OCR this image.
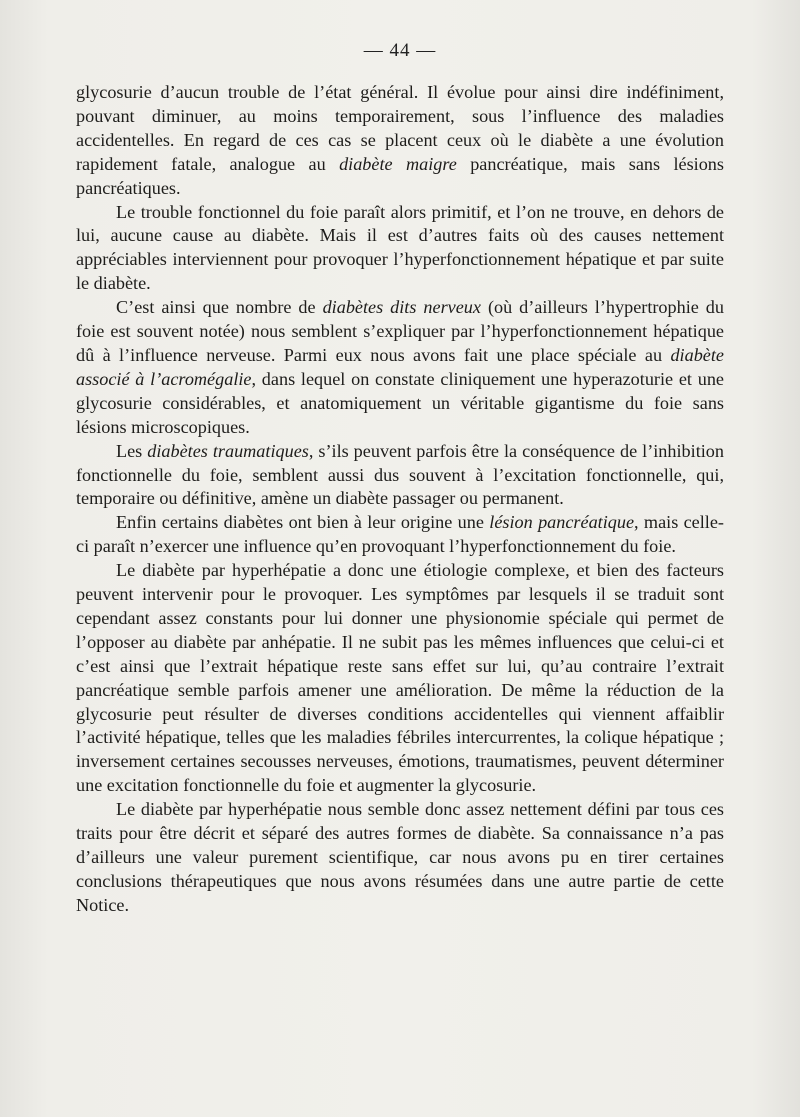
— 44 —

glycosurie d’aucun trouble de l’état général. Il évolue pour ainsi dire indéfiniment, pouvant diminuer, au moins temporairement, sous l’influence des maladies accidentelles. En regard de ces cas se placent ceux où le diabète a une évolution rapidement fatale, analogue au diabète maigre pancréatique, mais sans lésions pancréatiques.

Le trouble fonctionnel du foie paraît alors primitif, et l’on ne trouve, en dehors de lui, aucune cause au diabète. Mais il est d’autres faits où des causes nettement appréciables interviennent pour provoquer l’hyperfonctionnement hépatique et par suite le diabète.

C’est ainsi que nombre de diabètes dits nerveux (où d’ailleurs l’hypertrophie du foie est souvent notée) nous semblent s’expliquer par l’hyperfonctionnement hépatique dû à l’influence nerveuse. Parmi eux nous avons fait une place spéciale au diabète associé à l’acromégalie, dans lequel on constate cliniquement une hyperazoturie et une glycosurie considérables, et anatomiquement un véritable gigantisme du foie sans lésions microscopiques.

Les diabètes traumatiques, s’ils peuvent parfois être la conséquence de l’inhibition fonctionnelle du foie, semblent aussi dus souvent à l’excitation fonctionnelle, qui, temporaire ou définitive, amène un diabète passager ou permanent.

Enfin certains diabètes ont bien à leur origine une lésion pancréatique, mais celle-ci paraît n’exercer une influence qu’en provoquant l’hyperfonctionnement du foie.

Le diabète par hyperhépatie a donc une étiologie complexe, et bien des facteurs peuvent intervenir pour le provoquer. Les symptômes par lesquels il se traduit sont cependant assez constants pour lui donner une physionomie spéciale qui permet de l’opposer au diabète par anhépatie. Il ne subit pas les mêmes influences que celui-ci et c’est ainsi que l’extrait hépatique reste sans effet sur lui, qu’au contraire l’extrait pancréatique semble parfois amener une amélioration. De même la réduction de la glycosurie peut résulter de diverses conditions accidentelles qui viennent affaiblir l’activité hépatique, telles que les maladies fébriles intercurrentes, la colique hépatique ; inversement certaines secousses nerveuses, émotions, traumatismes, peuvent déterminer une excitation fonctionnelle du foie et augmenter la glycosurie.

Le diabète par hyperhépatie nous semble donc assez nettement défini par tous ces traits pour être décrit et séparé des autres formes de diabète. Sa connaissance n’a pas d’ailleurs une valeur purement scientifique, car nous avons pu en tirer certaines conclusions thérapeutiques que nous avons résumées dans une autre partie de cette Notice.
